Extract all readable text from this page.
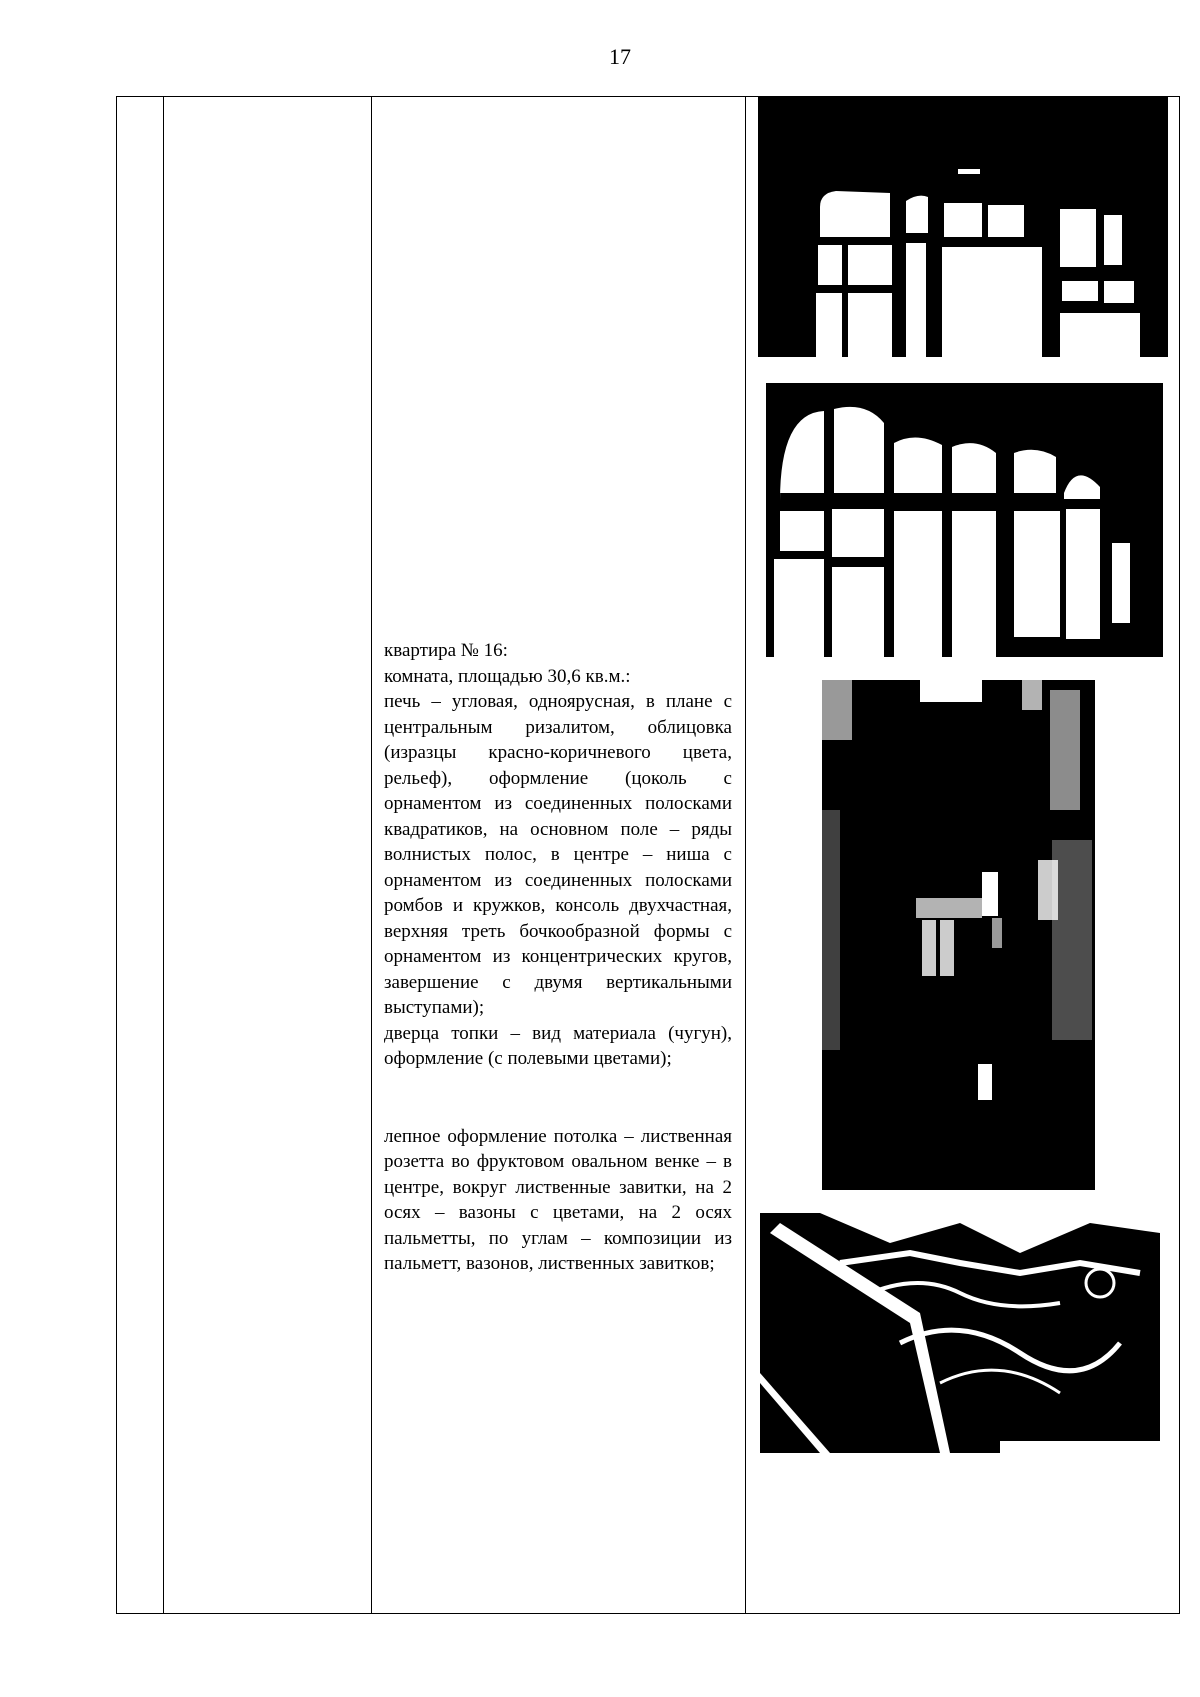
17

квартира № 16:

комната, площадью 30,6 кв.м.:

печь – угловая, одноярусная, в плане с центральным ризалитом, облицовка (изразцы красно-коричневого цвета, рельеф), оформление (цоколь с орнаментом из соединенных полосками квадратиков, на основном поле – ряды волнистых полос, в центре – ниша с орнаментом из соединенных полосками ромбов и кружков, консоль двухчастная, верхняя треть бочкообразной формы с орнаментом из концентрических кругов, завершение с двумя вертикальными выступами);

дверца топки – вид материала (чугун), оформление (с полевыми цветами);

лепное оформление потолка – лиственная розетта во фруктовом овальном венке – в центре, вокруг лиственные завитки, на 2 осях – вазоны с цветами, на 2 осях пальметты, по углам – композиции из пальметт, вазонов, лиственных завитков;
